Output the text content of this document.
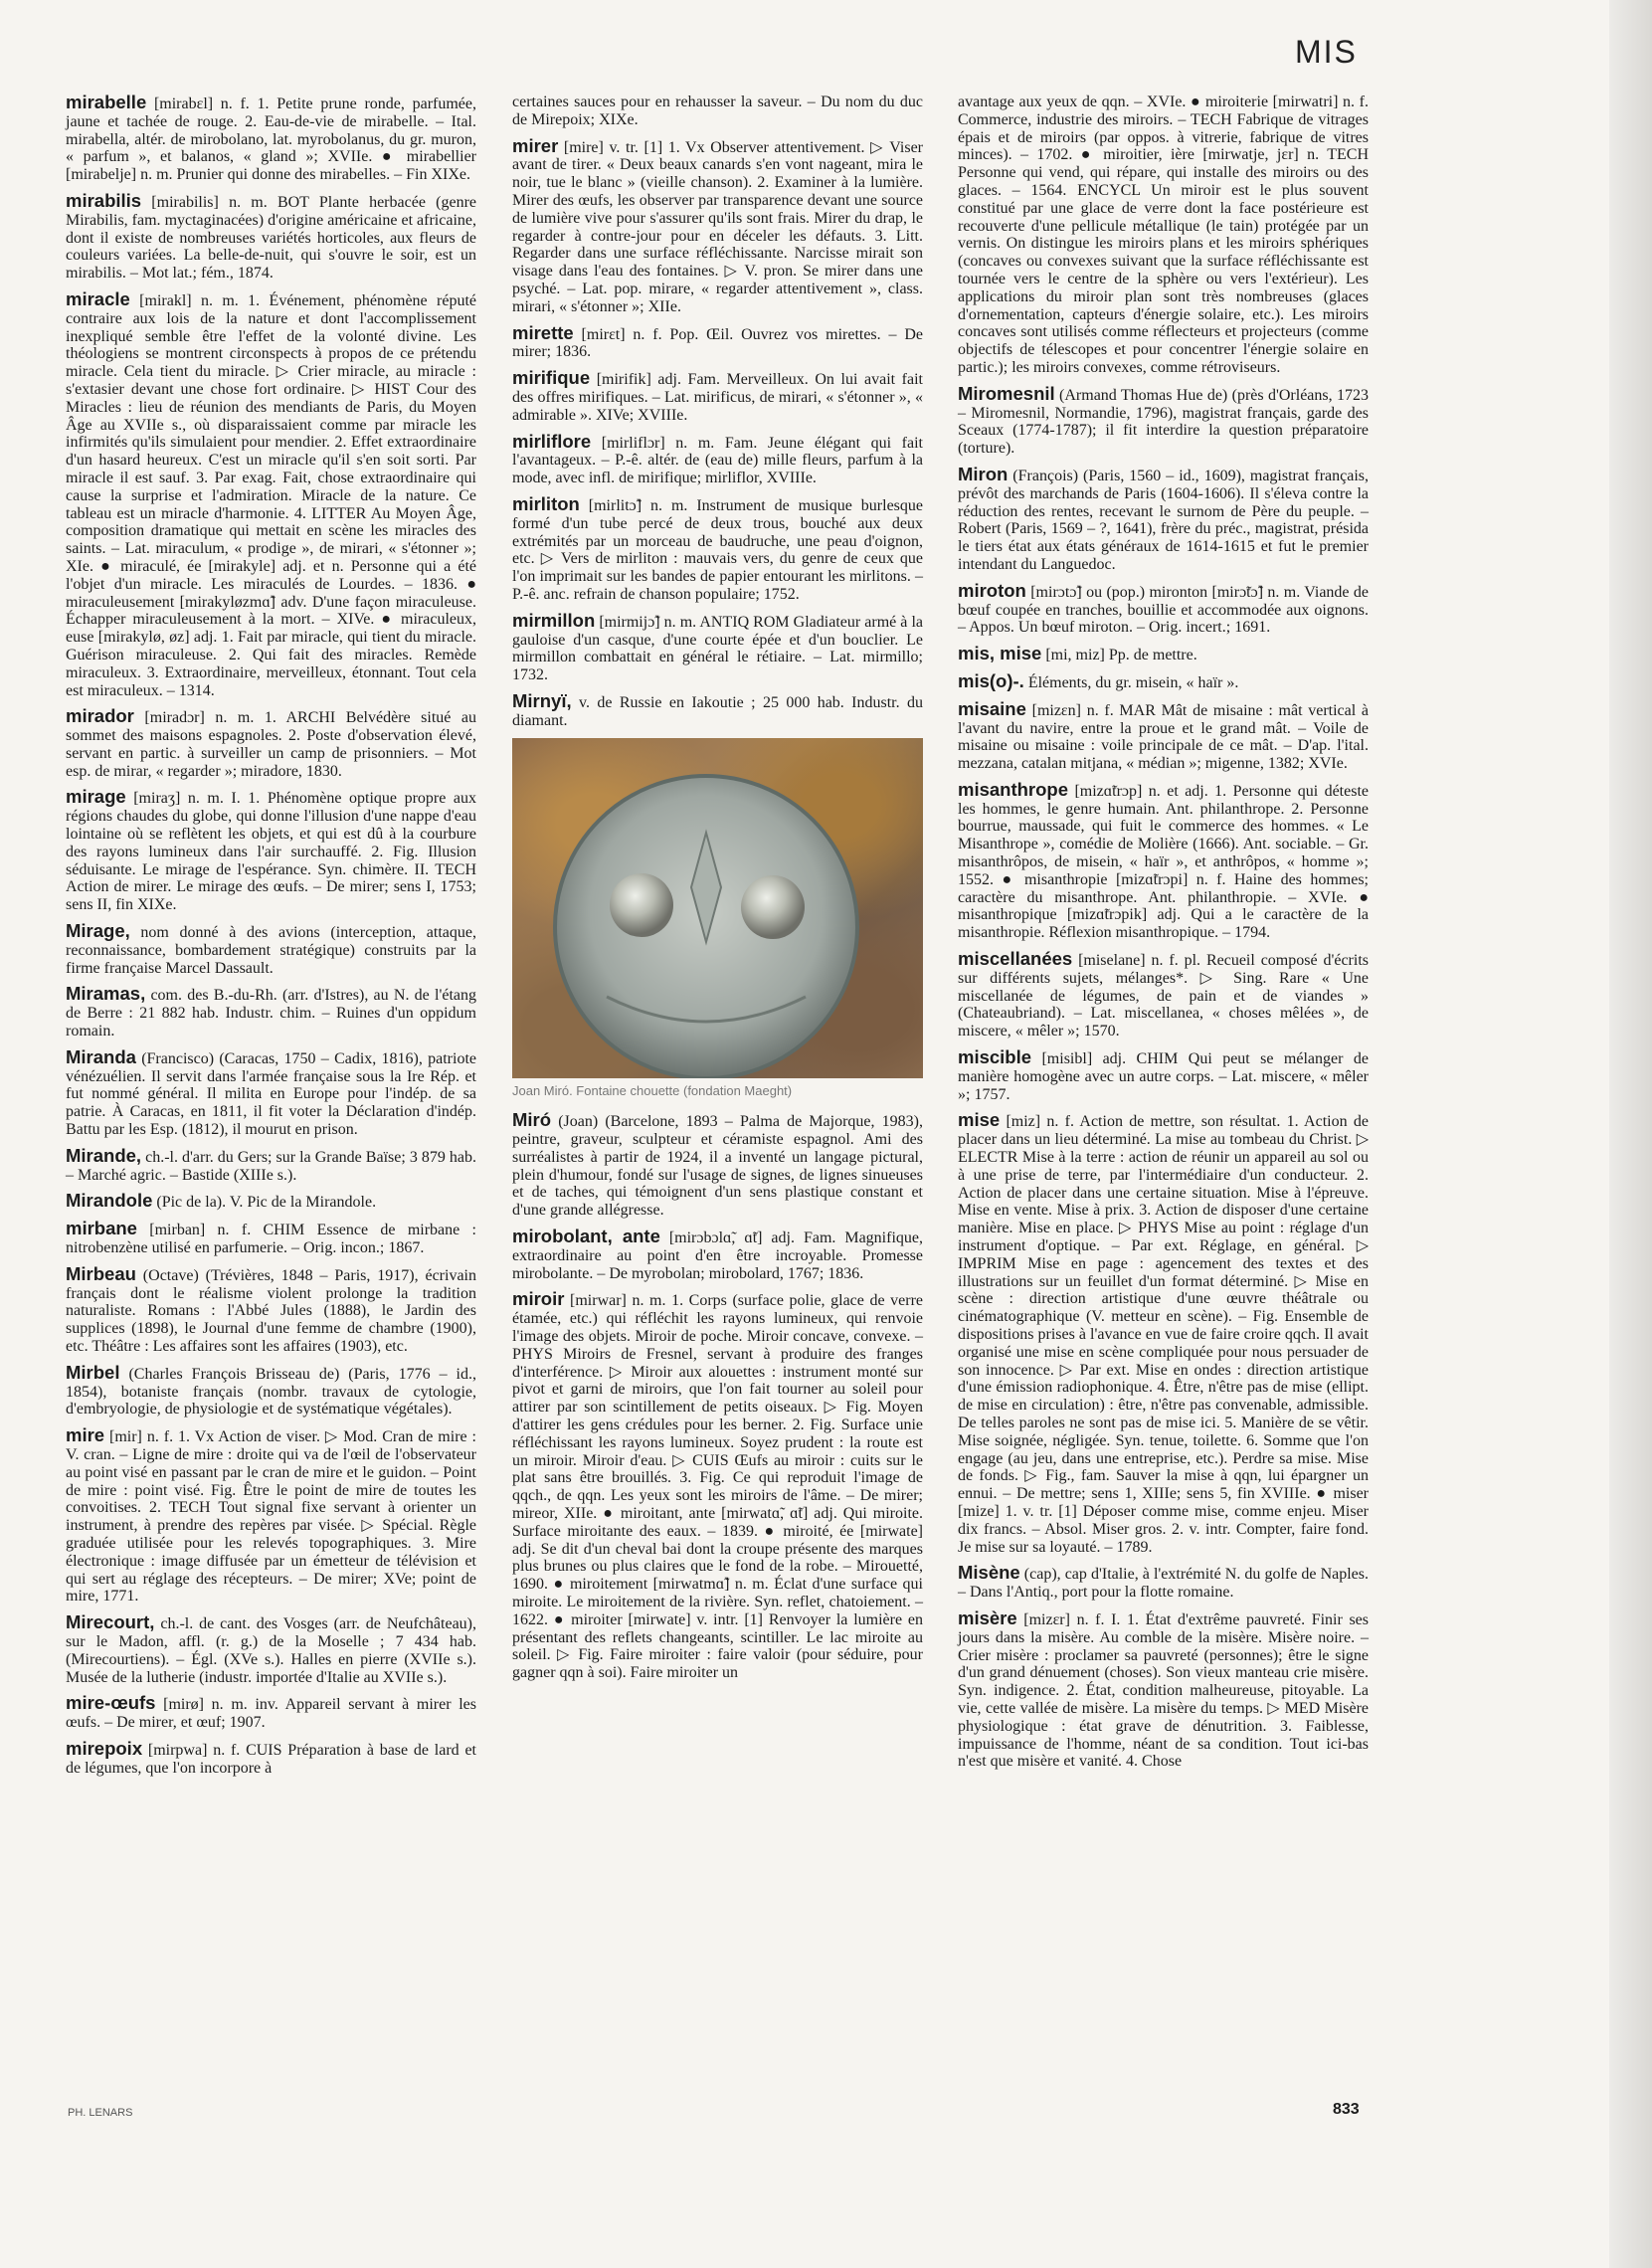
MIS
mirabelle [mirabɛl] n. f. 1. Petite prune ronde, parfumée, jaune et tachée de rouge. 2. Eau-de-vie de mirabelle. – Ital. mirabella, altér. de mirobolano, lat. myrobolanus, du gr. muron, « parfum », et balanos, « gland »; XVIIe. ● mirabellier [mirabelje] n. m. Prunier qui donne des mirabelles. – Fin XIXe.
mirabilis [mirabilis] n. m. BOT Plante herbacée (genre Mirabilis, fam. myctaginacées) d'origine américaine et africaine, dont il existe de nombreuses variétés horticoles, aux fleurs de couleurs variées. La belle-de-nuit, qui s'ouvre le soir, est un mirabilis. – Mot lat.; fém., 1874.
miracle [mirakl] n. m. 1. Événement, phénomène réputé contraire aux lois de la nature et dont l'accomplissement inexpliqué semble être l'effet de la volonté divine. Les théologiens se montrent circonspects à propos de ce prétendu miracle. Cela tient du miracle. ▷ Crier miracle, au miracle : s'extasier devant une chose fort ordinaire. ▷ HIST Cour des Miracles : lieu de réunion des mendiants de Paris, du Moyen Âge au XVIIe s., où disparaissaient comme par miracle les infirmités qu'ils simulaient pour mendier. 2. Effet extraordinaire d'un hasard heureux. C'est un miracle qu'il s'en soit sorti. Par miracle il est sauf. 3. Par exag. Fait, chose extraordinaire qui cause la surprise et l'admiration. Miracle de la nature. Ce tableau est un miracle d'harmonie. 4. LITTER Au Moyen Âge, composition dramatique qui mettait en scène les miracles des saints. – Lat. miraculum, « prodige », de mirari, « s'étonner »; XIe. ● miraculé, ée [mirakyle] adj. et n. Personne qui a été l'objet d'un miracle. Les miraculés de Lourdes. – 1836. ● miraculeusement [mirakyløzmɑ̃] adv. D'une façon miraculeuse. Échapper miraculeusement à la mort. – XIVe. ● miraculeux, euse [mirakylø, øz] adj. 1. Fait par miracle, qui tient du miracle. Guérison miraculeuse. 2. Qui fait des miracles. Remède miraculeux. 3. Extraordinaire, merveilleux, étonnant. Tout cela est miraculeux. – 1314.
mirador [miradɔr] n. m. 1. ARCHI Belvédère situé au sommet des maisons espagnoles. 2. Poste d'observation élevé, servant en partic. à surveiller un camp de prisonniers. – Mot esp. de mirar, « regarder »; miradore, 1830.
mirage [miraʒ] n. m. I. 1. Phénomène optique propre aux régions chaudes du globe, qui donne l'illusion d'une nappe d'eau lointaine où se reflètent les objets, et qui est dû à la courbure des rayons lumineux dans l'air surchauffé. 2. Fig. Illusion séduisante. Le mirage de l'espérance. Syn. chimère. II. TECH Action de mirer. Le mirage des œufs. – De mirer; sens I, 1753; sens II, fin XIXe.
Mirage, nom donné à des avions (interception, attaque, reconnaissance, bombardement stratégique) construits par la firme française Marcel Dassault.
Miramas, com. des B.-du-Rh. (arr. d'Istres), au N. de l'étang de Berre : 21 882 hab. Industr. chim. – Ruines d'un oppidum romain.
Miranda (Francisco) (Caracas, 1750 – Cadix, 1816), patriote vénézuélien. Il servit dans l'armée française sous la Ire Rép. et fut nommé général. Il milita en Europe pour l'indép. de sa patrie. À Caracas, en 1811, il fit voter la Déclaration d'indép. Battu par les Esp. (1812), il mourut en prison.
Mirande, ch.-l. d'arr. du Gers; sur la Grande Baïse; 3 879 hab. – Marché agric. – Bastide (XIIIe s.).
Mirandole (Pic de la). V. Pic de la Mirandole.
mirbane [mirban] n. f. CHIM Essence de mirbane : nitrobenzène utilisé en parfumerie. – Orig. incon.; 1867.
Mirbeau (Octave) (Trévières, 1848 – Paris, 1917), écrivain français dont le réalisme violent prolonge la tradition naturaliste. Romans : l'Abbé Jules (1888), le Jardin des supplices (1898), le Journal d'une femme de chambre (1900), etc. Théâtre : Les affaires sont les affaires (1903), etc.
Mirbel (Charles François Brisseau de) (Paris, 1776 – id., 1854), botaniste français (nombr. travaux de cytologie, d'embryologie, de physiologie et de systématique végétales).
mire [mir] n. f. 1. Vx Action de viser. ▷ Mod. Cran de mire : V. cran. – Ligne de mire : droite qui va de l'œil de l'observateur au point visé en passant par le cran de mire et le guidon. – Point de mire : point visé. Fig. Être le point de mire de toutes les convoitises. 2. TECH Tout signal fixe servant à orienter un instrument, à prendre des repères par visée. ▷ Spécial. Règle graduée utilisée pour les relevés topographiques. 3. Mire électronique : image diffusée par un émetteur de télévision et qui sert au réglage des récepteurs. – De mirer; XVe; point de mire, 1771.
Mirecourt, ch.-l. de cant. des Vosges (arr. de Neufchâteau), sur le Madon, affl. (r. g.) de la Moselle ; 7 434 hab. (Mirecourtiens). – Égl. (XVe s.). Halles en pierre (XVIIe s.). Musée de la lutherie (industr. importée d'Italie au XVIIe s.).
mire-œufs [mirø] n. m. inv. Appareil servant à mirer les œufs. – De mirer, et œuf; 1907.
mirepoix [mirpwa] n. f. CUIS Préparation à base de lard et de légumes, que l'on incorpore à
certaines sauces pour en rehausser la saveur. – Du nom du duc de Mirepoix; XIXe.
mirer [mire] v. tr. [1] 1. Vx Observer attentivement. ▷ Viser avant de tirer. « Deux beaux canards s'en vont nageant, mira le noir, tue le blanc » (vieille chanson). 2. Examiner à la lumière. Mirer des œufs, les observer par transparence devant une source de lumière vive pour s'assurer qu'ils sont frais. Mirer du drap, le regarder à contre-jour pour en déceler les défauts. 3. Litt. Regarder dans une surface réfléchissante. Narcisse mirait son visage dans l'eau des fontaines. ▷ V. pron. Se mirer dans une psyché. – Lat. pop. mirare, « regarder attentivement », class. mirari, « s'étonner »; XIIe.
mirette [mirɛt] n. f. Pop. Œil. Ouvrez vos mirettes. – De mirer; 1836.
mirifique [mirifik] adj. Fam. Merveilleux. On lui avait fait des offres mirifiques. – Lat. mirificus, de mirari, « s'étonner », « admirable ». XIVe; XVIIIe.
mirliflore [mirliflɔr] n. m. Fam. Jeune élégant qui fait l'avantageux. – P.-ê. altér. de (eau de) mille fleurs, parfum à la mode, avec infl. de mirifique; mirliflor, XVIIIe.
mirliton [mirlitɔ̃] n. m. Instrument de musique burlesque formé d'un tube percé de deux trous, bouché aux deux extrémités par un morceau de baudruche, une peau d'oignon, etc. ▷ Vers de mirliton : mauvais vers, du genre de ceux que l'on imprimait sur les bandes de papier entourant les mirlitons. – P.-ê. anc. refrain de chanson populaire; 1752.
mirmillon [mirmijɔ̃] n. m. ANTIQ ROM Gladiateur armé à la gauloise d'un casque, d'une courte épée et d'un bouclier. Le mirmillon combattait en général le rétiaire. – Lat. mirmillo; 1732.
Mirnyï, v. de Russie en Iakoutie ; 25 000 hab. Industr. du diamant.
Joan Miró. Fontaine chouette (fondation Maeght)
Miró (Joan) (Barcelone, 1893 – Palma de Majorque, 1983), peintre, graveur, sculpteur et céramiste espagnol. Ami des surréalistes à partir de 1924, il a inventé un langage pictural, plein d'humour, fondé sur l'usage de signes, de lignes sinueuses et de taches, qui témoignent d'un sens plastique constant et d'une grande allégresse.
mirobolant, ante [mirɔbɔlɑ̃, ɑ̃t] adj. Fam. Magnifique, extraordinaire au point d'en être incroyable. Promesse mirobolante. – De myrobolan; mirobolard, 1767; 1836.
miroir [mirwar] n. m. 1. Corps (surface polie, glace de verre étamée, etc.) qui réfléchit les rayons lumineux, qui renvoie l'image des objets. Miroir de poche. Miroir concave, convexe. – PHYS Miroirs de Fresnel, servant à produire des franges d'interférence. ▷ Miroir aux alouettes : instrument monté sur pivot et garni de miroirs, que l'on fait tourner au soleil pour attirer par son scintillement de petits oiseaux. ▷ Fig. Moyen d'attirer les gens crédules pour les berner. 2. Fig. Surface unie réfléchissant les rayons lumineux. Soyez prudent : la route est un miroir. Miroir d'eau. ▷ CUIS Œufs au miroir : cuits sur le plat sans être brouillés. 3. Fig. Ce qui reproduit l'image de qqch., de qqn. Les yeux sont les miroirs de l'âme. – De mirer; mireor, XIIe. ● miroitant, ante [mirwatɑ̃, ɑ̃t] adj. Qui miroite. Surface miroitante des eaux. – 1839. ● miroité, ée [mirwate] adj. Se dit d'un cheval bai dont la croupe présente des marques plus brunes ou plus claires que le fond de la robe. – Mirouetté, 1690. ● miroitement [mirwatmɑ̃] n. m. Éclat d'une surface qui miroite. Le miroitement de la rivière. Syn. reflet, chatoiement. – 1622. ● miroiter [mirwate] v. intr. [1] Renvoyer la lumière en présentant des reflets changeants, scintiller. Le lac miroite au soleil. ▷ Fig. Faire miroiter : faire valoir (pour séduire, pour gagner qqn à soi). Faire miroiter un
avantage aux yeux de qqn. – XVIe. ● miroiterie [mirwatri] n. f. Commerce, industrie des miroirs. – TECH Fabrique de vitrages épais et de miroirs (par oppos. à vitrerie, fabrique de vitres minces). – 1702. ● miroitier, ière [mirwatje, jɛr] n. TECH Personne qui vend, qui répare, qui installe des miroirs ou des glaces. – 1564. ENCYCL Un miroir est le plus souvent constitué par une glace de verre dont la face postérieure est recouverte d'une pellicule métallique (le tain) protégée par un vernis. On distingue les miroirs plans et les miroirs sphériques (concaves ou convexes suivant que la surface réfléchissante est tournée vers le centre de la sphère ou vers l'extérieur). Les applications du miroir plan sont très nombreuses (glaces d'ornementation, capteurs d'énergie solaire, etc.). Les miroirs concaves sont utilisés comme réflecteurs et projecteurs (comme objectifs de télescopes et pour concentrer l'énergie solaire en partic.); les miroirs convexes, comme rétroviseurs.
Miromesnil (Armand Thomas Hue de) (près d'Orléans, 1723 – Miromesnil, Normandie, 1796), magistrat français, garde des Sceaux (1774-1787); il fit interdire la question préparatoire (torture).
Miron (François) (Paris, 1560 – id., 1609), magistrat français, prévôt des marchands de Paris (1604-1606). Il s'éleva contre la réduction des rentes, recevant le surnom de Père du peuple. – Robert (Paris, 1569 – ?, 1641), frère du préc., magistrat, présida le tiers état aux états généraux de 1614-1615 et fut le premier intendant du Languedoc.
miroton [mirɔtɔ̃] ou (pop.) mironton [mirɔ̃tɔ̃] n. m. Viande de bœuf coupée en tranches, bouillie et accommodée aux oignons. – Appos. Un bœuf miroton. – Orig. incert.; 1691.
mis, mise [mi, miz] Pp. de mettre.
mis(o)-. Éléments, du gr. misein, « haïr ».
misaine [mizɛn] n. f. MAR Mât de misaine : mât vertical à l'avant du navire, entre la proue et le grand mât. – Voile de misaine ou misaine : voile principale de ce mât. – D'ap. l'ital. mezzana, catalan mitjana, « médian »; migenne, 1382; XVIe.
misanthrope [mizɑ̃trɔp] n. et adj. 1. Personne qui déteste les hommes, le genre humain. Ant. philanthrope. 2. Personne bourrue, maussade, qui fuit le commerce des hommes. « Le Misanthrope », comédie de Molière (1666). Ant. sociable. – Gr. misanthrôpos, de misein, « haïr », et anthrôpos, « homme »; 1552. ● misanthropie [mizɑ̃trɔpi] n. f. Haine des hommes; caractère du misanthrope. Ant. philanthropie. – XVIe. ● misanthropique [mizɑ̃trɔpik] adj. Qui a le caractère de la misanthropie. Réflexion misanthropique. – 1794.
miscellanées [miselane] n. f. pl. Recueil composé d'écrits sur différents sujets, mélanges*. ▷ Sing. Rare « Une miscellanée de légumes, de pain et de viandes » (Chateaubriand). – Lat. miscellanea, « choses mêlées », de miscere, « mêler »; 1570.
miscible [misibl] adj. CHIM Qui peut se mélanger de manière homogène avec un autre corps. – Lat. miscere, « mêler »; 1757.
mise [miz] n. f. Action de mettre, son résultat. 1. Action de placer dans un lieu déterminé. La mise au tombeau du Christ. ▷ ELECTR Mise à la terre : action de réunir un appareil au sol ou à une prise de terre, par l'intermédiaire d'un conducteur. 2. Action de placer dans une certaine situation. Mise à l'épreuve. Mise en vente. Mise à prix. 3. Action de disposer d'une certaine manière. Mise en place. ▷ PHYS Mise au point : réglage d'un instrument d'optique. – Par ext. Réglage, en général. ▷ IMPRIM Mise en page : agencement des textes et des illustrations sur un feuillet d'un format déterminé. ▷ Mise en scène : direction artistique d'une œuvre théâtrale ou cinématographique (V. metteur en scène). – Fig. Ensemble de dispositions prises à l'avance en vue de faire croire qqch. Il avait organisé une mise en scène compliquée pour nous persuader de son innocence. ▷ Par ext. Mise en ondes : direction artistique d'une émission radiophonique. 4. Être, n'être pas de mise (ellipt. de mise en circulation) : être, n'être pas convenable, admissible. De telles paroles ne sont pas de mise ici. 5. Manière de se vêtir. Mise soignée, négligée. Syn. tenue, toilette. 6. Somme que l'on engage (au jeu, dans une entreprise, etc.). Perdre sa mise. Mise de fonds. ▷ Fig., fam. Sauver la mise à qqn, lui épargner un ennui. – De mettre; sens 1, XIIIe; sens 5, fin XVIIIe. ● miser [mize] 1. v. tr. [1] Déposer comme mise, comme enjeu. Miser dix francs. – Absol. Miser gros. 2. v. intr. Compter, faire fond. Je mise sur sa loyauté. – 1789.
Misène (cap), cap d'Italie, à l'extrémité N. du golfe de Naples. – Dans l'Antiq., port pour la flotte romaine.
misère [mizɛr] n. f. I. 1. État d'extrême pauvreté. Finir ses jours dans la misère. Au comble de la misère. Misère noire. – Crier misère : proclamer sa pauvreté (personnes); être le signe d'un grand dénuement (choses). Son vieux manteau crie misère. Syn. indigence. 2. État, condition malheureuse, pitoyable. La vie, cette vallée de misère. La misère du temps. ▷ MED Misère physiologique : état grave de dénutrition. 3. Faiblesse, impuissance de l'homme, néant de sa condition. Tout ici-bas n'est que misère et vanité. 4. Chose
PH. LENARS	833
